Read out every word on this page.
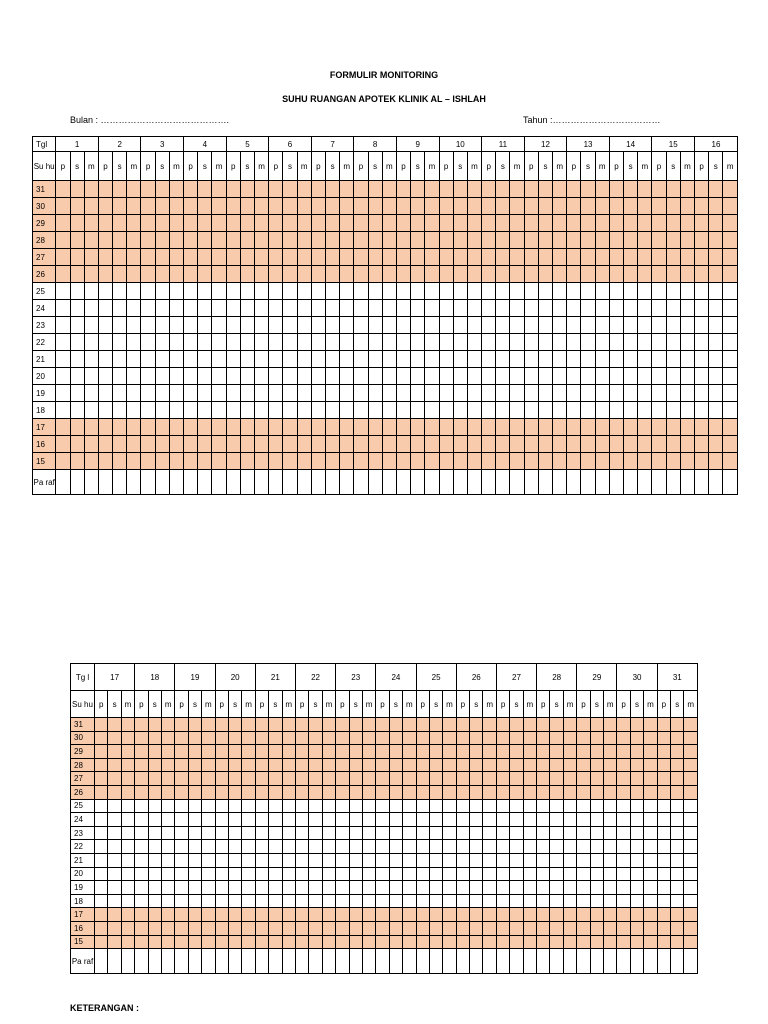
FORMULIR MONITORING
SUHU RUANGAN APOTEK KLINIK AL – ISHLAH
Bulan : …………………………………….	Tahun :………………………………
Tgl	1			2			3			4			5			6			7			8			9			10			11			12			13			14			15			16		
Su hu	p	s	m	p	s	m	p	s	m	p	s	m	p	s	m	p	s	m	p	s	m	p	s	m	p	s	m	p	s	m	p	s	m	p	s	m	p	s	m	p	s	m	p	s	m	p	s	m
31																																																
30																																																
29																																																
28																																																
27																																																
26																																																
25																																																
24																																																
23																																																
22																																																
21																																																
20																																																
19																																																
18																																																
17																																																
16																																																
15																																																
Pa raf																																																
Tg l	17			18			19			20			21			22			23			24			25			26			27			28			29			30			31		
Su hu	p	s	m	p	s	m	p	s	m	p	s	m	p	s	m	p	s	m	p	s	m	p	s	m	p	s	m	p	s	m	p	s	m	p	s	m	p	s	m	p	s	m	p	s	m
31																																													
30																																													
29																																													
28																																													
27																																													
26																																													
25																																													
24																																													
23																																													
22																																													
21																																													
20																																													
19																																													
18																																													
17																																													
16																																													
15																																													
Pa raf																																													
KETERANGAN :
